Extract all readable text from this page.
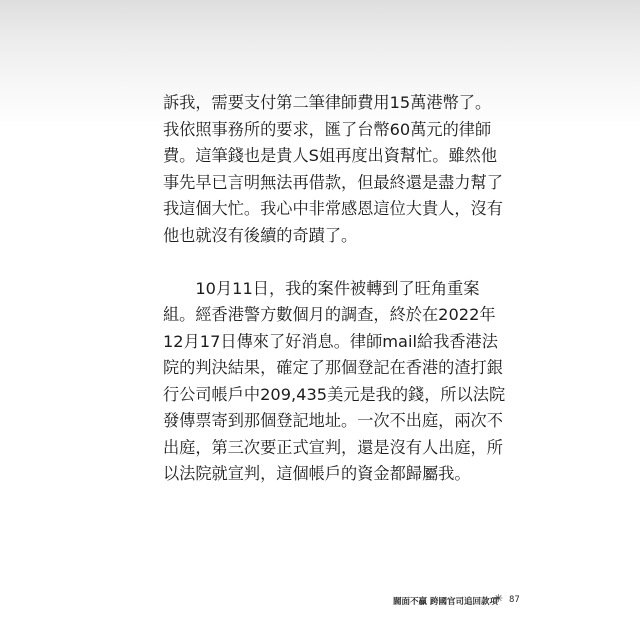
訴我，需要支付第二筆律師費用15萬港幣了。
我依照事務所的要求，匯了台幣60萬元的律師
費。這筆錢也是貴人S姐再度出資幫忙。雖然他
事先早已言明無法再借款，但最終還是盡力幫了
我這個大忙。我心中非常感恩這位大貴人，沒有
他也就沒有後續的奇蹟了。
　　10月11日，我的案件被轉到了旺角重案
組。經香港警方數個月的調查，終於在2022年
12月17日傳來了好消息。律師mail給我香港法
院的判決結果，確定了那個登記在香港的渣打銀
行公司帳戶中209,435美元是我的錢，所以法院
發傳票寄到那個登記地址。一次不出庭，兩次不
出庭，第三次要正式宣判，還是沒有人出庭，所
以法院就宣判，這個帳戶的資金都歸屬我。
闊面不贏 跨國官司追回款項
✳ 87
